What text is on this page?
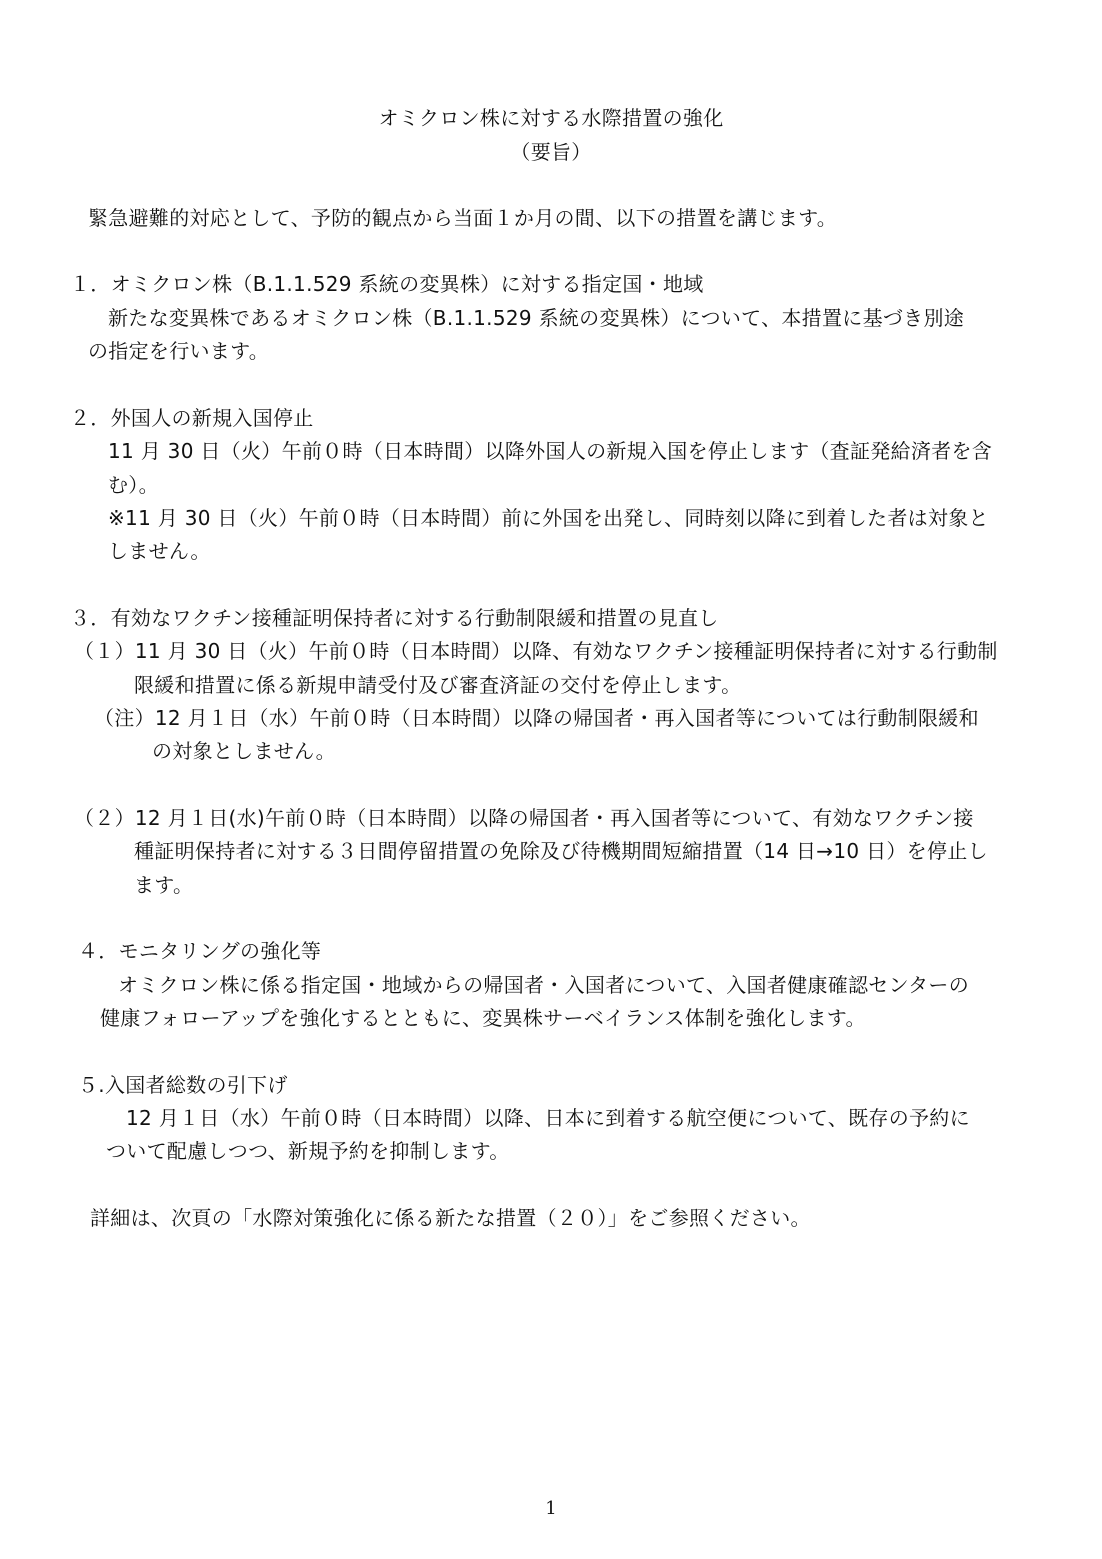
オミクロン株に対する水際措置の強化
（要旨）
緊急避難的対応として、予防的観点から当面１か月の間、以下の措置を講じます。
１．オミクロン株（B.1.1.529 系統の変異株）に対する指定国・地域
新たな変異株であるオミクロン株（B.1.1.529 系統の変異株）について、本措置に基づき別途
の指定を行います。
２．外国人の新規入国停止
11 月 30 日（火）午前０時（日本時間）以降外国人の新規入国を停止します（査証発給済者を含
む）。
※11 月 30 日（火）午前０時（日本時間）前に外国を出発し、同時刻以降に到着した者は対象と
しません。
３．有効なワクチン接種証明保持者に対する行動制限緩和措置の見直し
（１）11 月 30 日（火）午前０時（日本時間）以降、有効なワクチン接種証明保持者に対する行動制
限緩和措置に係る新規申請受付及び審査済証の交付を停止します。
（注）12 月１日（水）午前０時（日本時間）以降の帰国者・再入国者等については行動制限緩和
の対象としません。
（２）12 月１日(水)午前０時（日本時間）以降の帰国者・再入国者等について、有効なワクチン接
種証明保持者に対する３日間停留措置の免除及び待機期間短縮措置（14 日→10 日）を停止し
ます。
４．モニタリングの強化等
オミクロン株に係る指定国・地域からの帰国者・入国者について、入国者健康確認センターの
健康フォローアップを強化するとともに、変異株サーベイランス体制を強化します。
５.入国者総数の引下げ
12 月１日（水）午前０時（日本時間）以降、日本に到着する航空便について、既存の予約に
ついて配慮しつつ、新規予約を抑制します。
詳細は、次頁の「水際対策強化に係る新たな措置（２０）」をご参照ください。
1
